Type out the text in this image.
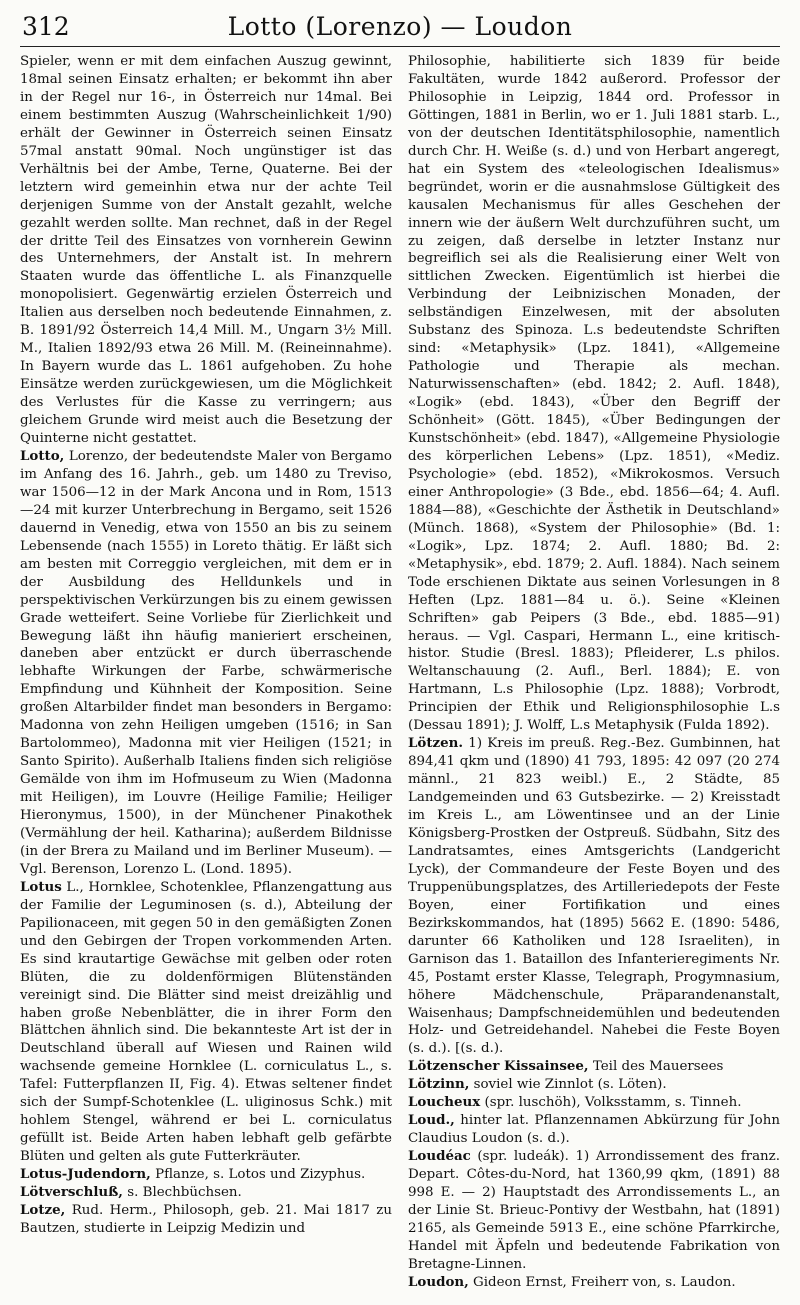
312	Lotto (Lorenzo) — Loudon

Spieler, wenn er mit dem einfachen Auszug gewinnt, 18mal seinen Einsatz erhalten; er bekommt ihn aber in der Regel nur 16-, in Österreich nur 14mal. Bei einem bestimmten Auszug (Wahrscheinlichkeit 1/90) erhält der Gewinner in Österreich seinen Einsatz 57mal anstatt 90mal. Noch ungünstiger ist das Verhältnis bei der Ambe, Terne, Quaterne. Bei der letztern wird gemeinhin etwa nur der achte Teil derjenigen Summe von der Anstalt gezahlt, welche gezahlt werden sollte. Man rechnet, daß in der Regel der dritte Teil des Einsatzes von vornherein Gewinn des Unternehmers, der Anstalt ist. In mehrern Staaten wurde das öffentliche L. als Finanzquelle monopolisiert. Gegenwärtig erzielen Österreich und Italien aus derselben noch bedeutende Einnahmen, z. B. 1891/92 Österreich 14,4 Mill. M., Ungarn 3½ Mill. M., Italien 1892/93 etwa 26 Mill. M. (Reineinnahme). In Bayern wurde das L. 1861 aufgehoben. Zu hohe Einsätze werden zurückgewiesen, um die Möglichkeit des Verlustes für die Kasse zu verringern; aus gleichem Grunde wird meist auch die Besetzung der Quinterne nicht gestattet.

Lotto, Lorenzo, der bedeutendste Maler von Bergamo im Anfang des 16. Jahrh., geb. um 1480 zu Treviso, war 1506—12 in der Mark Ancona und in Rom, 1513—24 mit kurzer Unterbrechung in Bergamo, seit 1526 dauernd in Venedig, etwa von 1550 an bis zu seinem Lebensende (nach 1555) in Loreto thätig. Er läßt sich am besten mit Correggio vergleichen, mit dem er in der Ausbildung des Helldunkels und in perspektivischen Verkürzungen bis zu einem gewissen Grade wetteifert. Seine Vorliebe für Zierlichkeit und Bewegung läßt ihn häufig manieriert erscheinen, daneben aber entzückt er durch überraschende lebhafte Wirkungen der Farbe, schwärmerische Empfindung und Kühnheit der Komposition. Seine großen Altarbilder findet man besonders in Bergamo: Madonna von zehn Heiligen umgeben (1516; in San Bartolommeo), Madonna mit vier Heiligen (1521; in Santo Spirito). Außerhalb Italiens finden sich religiöse Gemälde von ihm im Hofmuseum zu Wien (Madonna mit Heiligen), im Louvre (Heilige Familie; Heiliger Hieronymus, 1500), in der Münchener Pinakothek (Vermählung der heil. Katharina); außerdem Bildnisse (in der Brera zu Mailand und im Berliner Museum). — Vgl. Berenson, Lorenzo L. (Lond. 1895).

Lotus L., Hornklee, Schotenklee, Pflanzengattung aus der Familie der Leguminosen (s. d.), Abteilung der Papilionaceen, mit gegen 50 in den gemäßigten Zonen und den Gebirgen der Tropen vorkommenden Arten. Es sind krautartige Gewächse mit gelben oder roten Blüten, die zu doldenförmigen Blütenständen vereinigt sind. Die Blätter sind meist dreizählig und haben große Nebenblätter, die in ihrer Form den Blättchen ähnlich sind. Die bekannteste Art ist der in Deutschland überall auf Wiesen und Rainen wild wachsende gemeine Hornklee (L. corniculatus L., s. Tafel: Futterpflanzen II, Fig. 4). Etwas seltener findet sich der Sumpf-Schotenklee (L. uliginosus Schk.) mit hohlem Stengel, während er bei L. corniculatus gefüllt ist. Beide Arten haben lebhaft gelb gefärbte Blüten und gelten als gute Futterkräuter.

Lotus-Judendorn, Pflanze, s. Lotos und Zizyphus.

Lötverschluß, s. Blechbüchsen.

Lotze, Rud. Herm., Philosoph, geb. 21. Mai 1817 zu Bautzen, studierte in Leipzig Medizin und

Philosophie, habilitierte sich 1839 für beide Fakultäten, wurde 1842 außerord. Professor der Philosophie in Leipzig, 1844 ord. Professor in Göttingen, 1881 in Berlin, wo er 1. Juli 1881 starb. L., von der deutschen Identitätsphilosophie, namentlich durch Chr. H. Weiße (s. d.) und von Herbart angeregt, hat ein System des «teleologischen Idealismus» begründet, worin er die ausnahmslose Gültigkeit des kausalen Mechanismus für alles Geschehen der innern wie der äußern Welt durchzuführen sucht, um zu zeigen, daß derselbe in letzter Instanz nur begreiflich sei als die Realisierung einer Welt von sittlichen Zwecken. Eigentümlich ist hierbei die Verbindung der Leibnizischen Monaden, der selbständigen Einzelwesen, mit der absoluten Substanz des Spinoza. L.s bedeutendste Schriften sind: «Metaphysik» (Lpz. 1841), «Allgemeine Pathologie und Therapie als mechan. Naturwissenschaften» (ebd. 1842; 2. Aufl. 1848), «Logik» (ebd. 1843), «Über den Begriff der Schönheit» (Gött. 1845), «Über Bedingungen der Kunstschönheit» (ebd. 1847), «Allgemeine Physiologie des körperlichen Lebens» (Lpz. 1851), «Mediz. Psychologie» (ebd. 1852), «Mikrokosmos. Versuch einer Anthropologie» (3 Bde., ebd. 1856—64; 4. Aufl. 1884—88), «Geschichte der Ästhetik in Deutschland» (Münch. 1868), «System der Philosophie» (Bd. 1: «Logik», Lpz. 1874; 2. Aufl. 1880; Bd. 2: «Metaphysik», ebd. 1879; 2. Aufl. 1884). Nach seinem Tode erschienen Diktate aus seinen Vorlesungen in 8 Heften (Lpz. 1881—84 u. ö.). Seine «Kleinen Schriften» gab Peipers (3 Bde., ebd. 1885—91) heraus. — Vgl. Caspari, Hermann L., eine kritisch-histor. Studie (Bresl. 1883); Pfleiderer, L.s philos. Weltanschauung (2. Aufl., Berl. 1884); E. von Hartmann, L.s Philosophie (Lpz. 1888); Vorbrodt, Principien der Ethik und Religionsphilosophie L.s (Dessau 1891); J. Wolff, L.s Metaphysik (Fulda 1892).

Lötzen. 1) Kreis im preuß. Reg.-Bez. Gumbinnen, hat 894,41 qkm und (1890) 41 793, 1895: 42 097 (20 274 männl., 21 823 weibl.) E., 2 Städte, 85 Landgemeinden und 63 Gutsbezirke. — 2) Kreisstadt im Kreis L., am Löwentinsee und an der Linie Königsberg-Prostken der Ostpreuß. Südbahn, Sitz des Landratsamtes, eines Amtsgerichts (Landgericht Lyck), der Commandeure der Feste Boyen und des Truppenübungsplatzes, des Artilleriedepots der Feste Boyen, einer Fortifikation und eines Bezirkskommandos, hat (1895) 5662 E. (1890: 5486, darunter 66 Katholiken und 128 Israeliten), in Garnison das 1. Bataillon des Infanterieregiments Nr. 45, Postamt erster Klasse, Telegraph, Progymnasium, höhere Mädchenschule, Präparandenanstalt, Waisenhaus; Dampfschneidemühlen und bedeutenden Holz- und Getreidehandel. Nahebei die Feste Boyen (s. d.). [(s. d.).

Lötzenscher Kissainsee, Teil des Mauersees

Lötzinn, soviel wie Zinnlot (s. Löten).

Loucheux (spr. luschöh), Volksstamm, s. Tinneh.

Loud., hinter lat. Pflanzennamen Abkürzung für John Claudius Loudon (s. d.).

Loudéac (spr. ludeák). 1) Arrondissement des franz. Depart. Côtes-du-Nord, hat 1360,99 qkm, (1891) 88 998 E. — 2) Hauptstadt des Arrondissements L., an der Linie St. Brieuc-Pontivy der Westbahn, hat (1891) 2165, als Gemeinde 5913 E., eine schöne Pfarrkirche, Handel mit Äpfeln und bedeutende Fabrikation von Bretagne-Linnen.

Loudon, Gideon Ernst, Freiherr von, s. Laudon.
